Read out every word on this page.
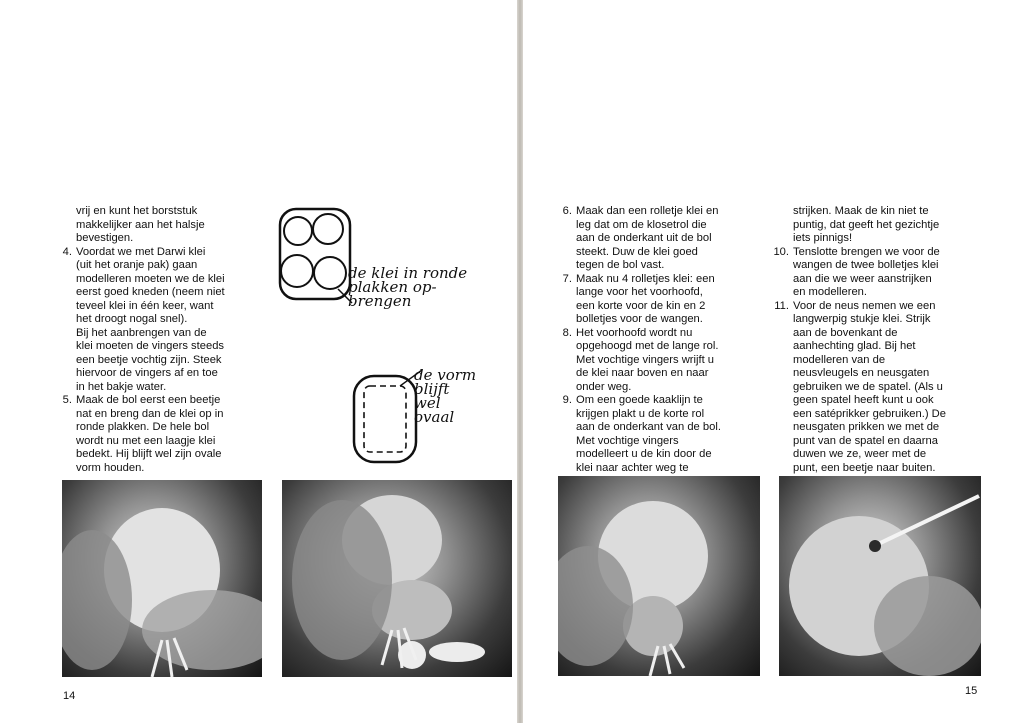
vrij en kunt het borststuk
makkelijker aan het halsje
bevestigen.

4. Voordat we met Darwi klei
(uit het oranje pak) gaan
modelleren moeten we de klei
eerst goed kneden (neem niet
teveel klei in één keer, want
het droogt nogal snel).
Bij het aanbrengen van de
klei moeten de vingers steeds
een beetje vochtig zijn. Steek
hiervoor de vingers af en toe
in het bakje water.
5. Maak de bol eerst een beetje
nat en breng dan de klei op in
ronde plakken. De hele bol
wordt nu met een laagje klei
bedekt. Hij blijft wel zijn ovale
vorm houden.
de klei in ronde
plakken op-
brengen
de vorm
blijft
wel
ovaal
14
6. Maak dan een rolletje klei en
leg dat om de klosetrol die
aan de onderkant uit de bol
steekt. Duw de klei goed
tegen de bol vast.
7. Maak nu 4 rolletjes klei: een
lange voor het voorhoofd,
een korte voor de kin en 2
bolletjes voor de wangen.
8. Het voorhoofd wordt nu
opgehoogd met de lange rol.
Met vochtige vingers wrijft u
de klei naar boven en naar
onder weg.
9. Om een goede kaaklijn te
krijgen plakt u de korte rol
aan de onderkant van de bol.
Met vochtige vingers
modelleert u de kin door de
klei naar achter weg te

strijken. Maak de kin niet te
puntig, dat geeft het gezichtje
iets pinnigs!

10. Tenslotte brengen we voor de
wangen de twee bolletjes klei
aan die we weer aanstrijken
en modelleren.
11. Voor de neus nemen we een
langwerpig stukje klei. Strijk
aan de bovenkant de
aanhechting glad. Bij het
modelleren van de
neusvleugels en neusgaten
gebruiken we de spatel. (Als u
geen spatel heeft kunt u ook
een satéprikker gebruiken.) De
neusgaten prikken we met de
punt van de spatel en daarna
duwen we ze, weer met de
punt, een beetje naar buiten.
15
